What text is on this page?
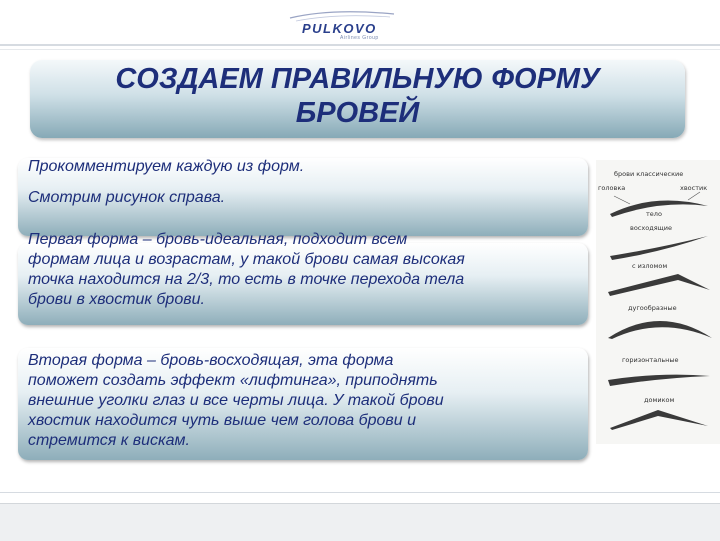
PULKOVO
Airlines Group
СОЗДАЕМ ПРАВИЛЬНУЮ ФОРМУ
БРОВЕЙ
Прокомментируем каждую из форм.
Смотрим рисунок справа.
Первая форма – бровь-идеальная, подходит всем
формам лица и возрастам, у такой брови самая высокая
точка находится на 2/3, то есть в точке перехода тела
брови в хвостик брови.
Вторая форма – бровь-восходящая, эта форма
поможет создать эффект «лифтинга», приподнять
внешние уголки глаз и все черты лица. У такой брови
хвостик находится чуть выше чем голова брови и
стремится к вискам.
брови классические
головка	хвостик
тело
восходящие
с изломом
дугообразные
горизонтальные
домиком
